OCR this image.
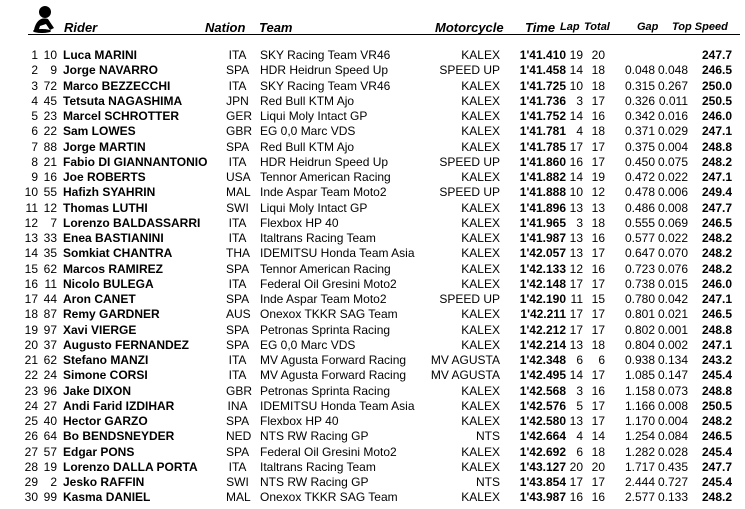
Rider	Nation Team	Motorcycle Time Lap Total Gap Top Speed
1 10 Luca MARINI	ITA SKY Racing Team VR46	KALEX	1'41.410 19 20	247.7
2	9 Jorge NAVARRO	SPA HDR Heidrun Speed Up	SPEED UP	1'41.458 14 18	0.048 0.048	246.5
3 72 Marco BEZZECCHI	ITA SKY Racing Team VR46	KALEX	1'41.725 10 18	0.315 0.267	250.0
4 45 Tetsuta NAGASHIMA	JPN Red Bull KTM Ajo	KALEX	1'41.736 3 17	0.326 0.011	250.5
5 23 Marcel SCHROTTER	GER Liqui Moly Intact GP	KALEX	1'41.752 14 16	0.342 0.016	246.0
6 22 Sam LOWES	GBR EG 0,0 Marc VDS	KALEX	1'41.781 4 18	0.371 0.029	247.1
7 88 Jorge MARTIN	SPA Red Bull KTM Ajo	KALEX	1'41.785 17 17	0.375 0.004	248.8
8 21 Fabio DI GIANNANTONIO ITA HDR Heidrun Speed Up	SPEED UP	1'41.860 16 17	0.450 0.075	248.2
9 16 Joe ROBERTS	USA Tennor American Racing	KALEX	1'41.882 14 19	0.472 0.022	247.1
10 55 Hafizh SYAHRIN	MAL Inde Aspar Team Moto2	SPEED UP	1'41.888 10 12	0.478 0.006	249.4
11 12 Thomas LUTHI	SWI Liqui Moly Intact GP	KALEX	1'41.896 13 13	0.486 0.008	247.7
12	7 Lorenzo BALDASSARRI ITA Flexbox HP 40	KALEX	1'41.965 3 18	0.555 0.069	246.5
13 33 Enea BASTIANINI	ITA Italtrans Racing Team	KALEX	1'41.987 13 16	0.577 0.022	248.2
14 35 Somkiat CHANTRA	THA IDEMITSU Honda Team Asia	KALEX	1'42.057 13 17	0.647 0.070	248.2
15 62 Marcos RAMIREZ	SPA Tennor American Racing	KALEX	1'42.133 12 16	0.723 0.076	248.2
16 11 Nicolo BULEGA	ITA Federal Oil Gresini Moto2	KALEX	1'42.148 17 17	0.738 0.015	246.0
17 44 Aron CANET	SPA Inde Aspar Team Moto2	SPEED UP	1'42.190 11 15	0.780 0.042	247.1
18 87 Remy GARDNER	AUS Onexox TKKR SAG Team	KALEX	1'42.211 17 17	0.801 0.021	246.5
19 97 Xavi VIERGE	SPA Petronas Sprinta Racing	KALEX	1'42.212 17 17	0.802 0.001	248.8
20 37 Augusto FERNANDEZ	SPA EG 0,0 Marc VDS	KALEX	1'42.214 13 18	0.804 0.002	247.1
21 62 Stefano MANZI	ITA MV Agusta Forward Racing	MV AGUSTA	1'42.348 6	6	0.938 0.134	243.2
22 24 Simone CORSI	ITA MV Agusta Forward Racing	MV AGUSTA	1'42.495 14 17	1.085 0.147	245.4
23 96 Jake DIXON	GBR Petronas Sprinta Racing	KALEX	1'42.568 3 16	1.158 0.073	248.8
24 27 Andi Farid IZDIHAR	INA IDEMITSU Honda Team Asia	KALEX	1'42.576 5 17	1.166 0.008	250.5
25 40 Hector GARZO	SPA Flexbox HP 40	KALEX	1'42.580 13 17	1.170 0.004	248.2
26 64 Bo BENDSNEYDER	NED NTS RW Racing GP	NTS	1'42.664 4 14	1.254 0.084	246.5
27 57 Edgar PONS	SPA Federal Oil Gresini Moto2	KALEX	1'42.692 6 18	1.282 0.028	245.4
28 19 Lorenzo DALLA PORTA	ITA Italtrans Racing Team	KALEX	1'43.127 20 20	1.717 0.435	247.7
29	2 Jesko RAFFIN	SWI NTS RW Racing GP	NTS	1'43.854 17 17	2.444 0.727	245.4
30 99 Kasma DANIEL	MAL Onexox TKKR SAG Team	KALEX	1'43.987 16 16	2.577 0.133	248.2
